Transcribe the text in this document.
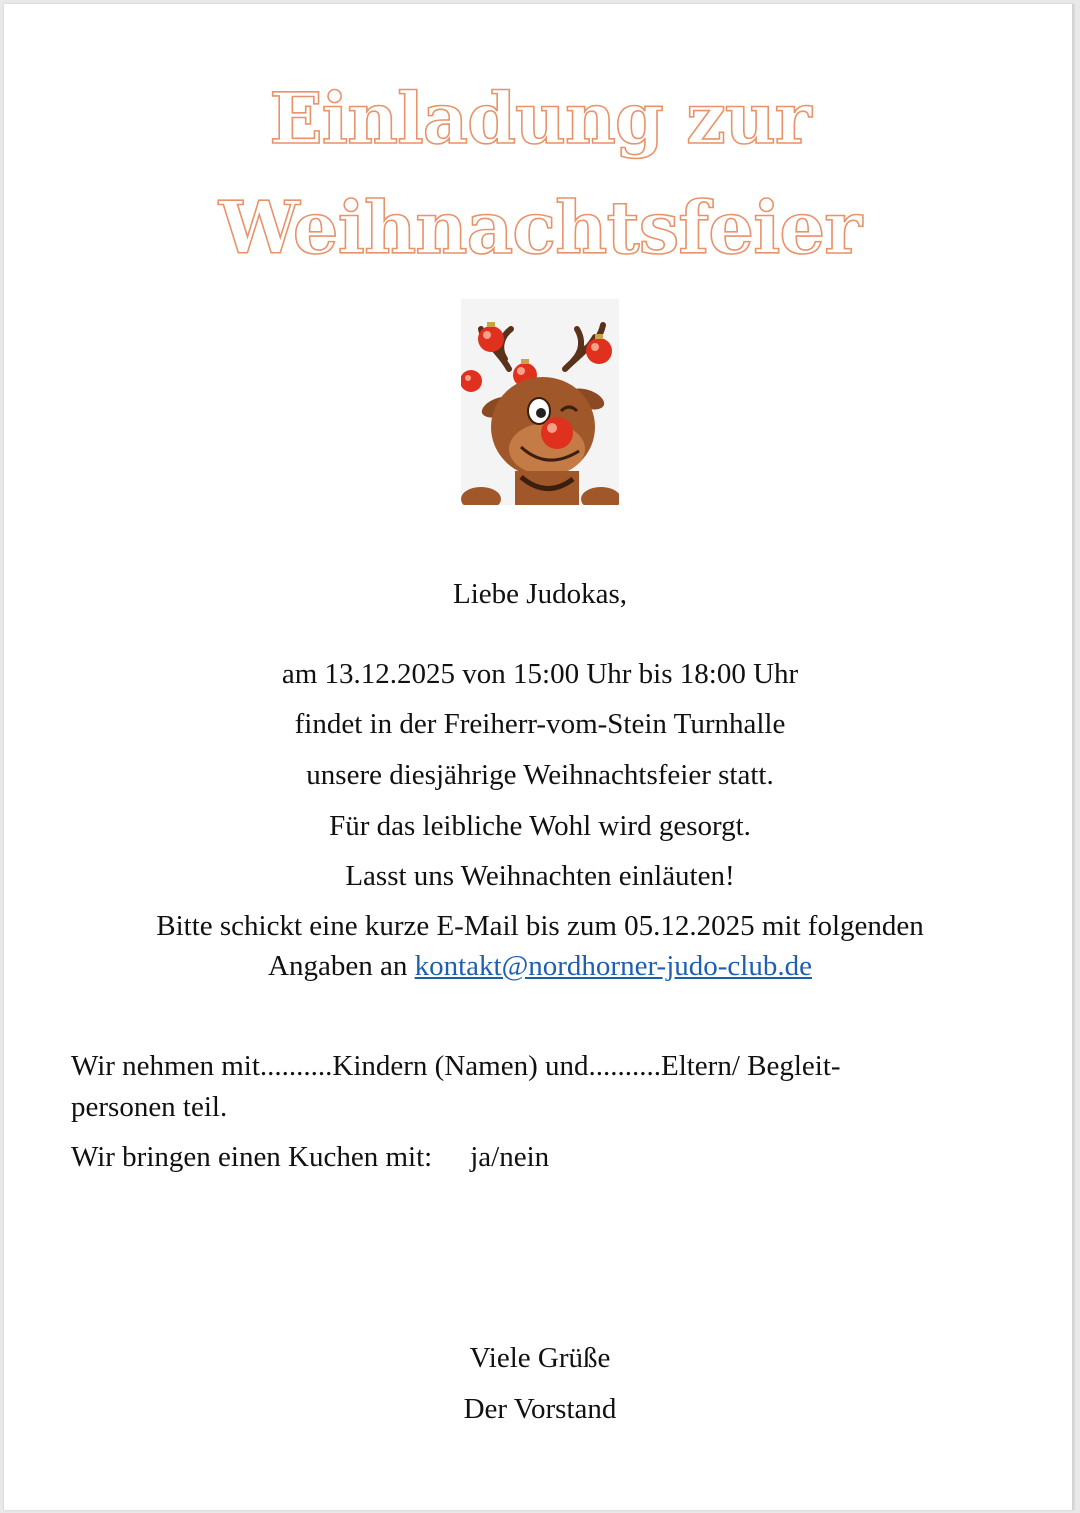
Einladung zur
Weihnachtsfeier
Liebe Judokas,
am 13.12.2025 von 15:00 Uhr bis 18:00 Uhr
findet in der Freiherr-vom-Stein Turnhalle
unsere diesjährige Weihnachtsfeier statt.
Für das leibliche Wohl wird gesorgt.
Lasst uns Weihnachten einläuten!
Bitte schickt eine kurze E-Mail bis zum 05.12.2025 mit folgenden
Angaben an kontakt@nordhorner-judo-club.de
Wir nehmen mit..........Kindern (Namen) und..........Eltern/ Begleit-
personen teil.
Wir bringen einen Kuchen mit: ja/nein
Viele Grüße
Der Vorstand
